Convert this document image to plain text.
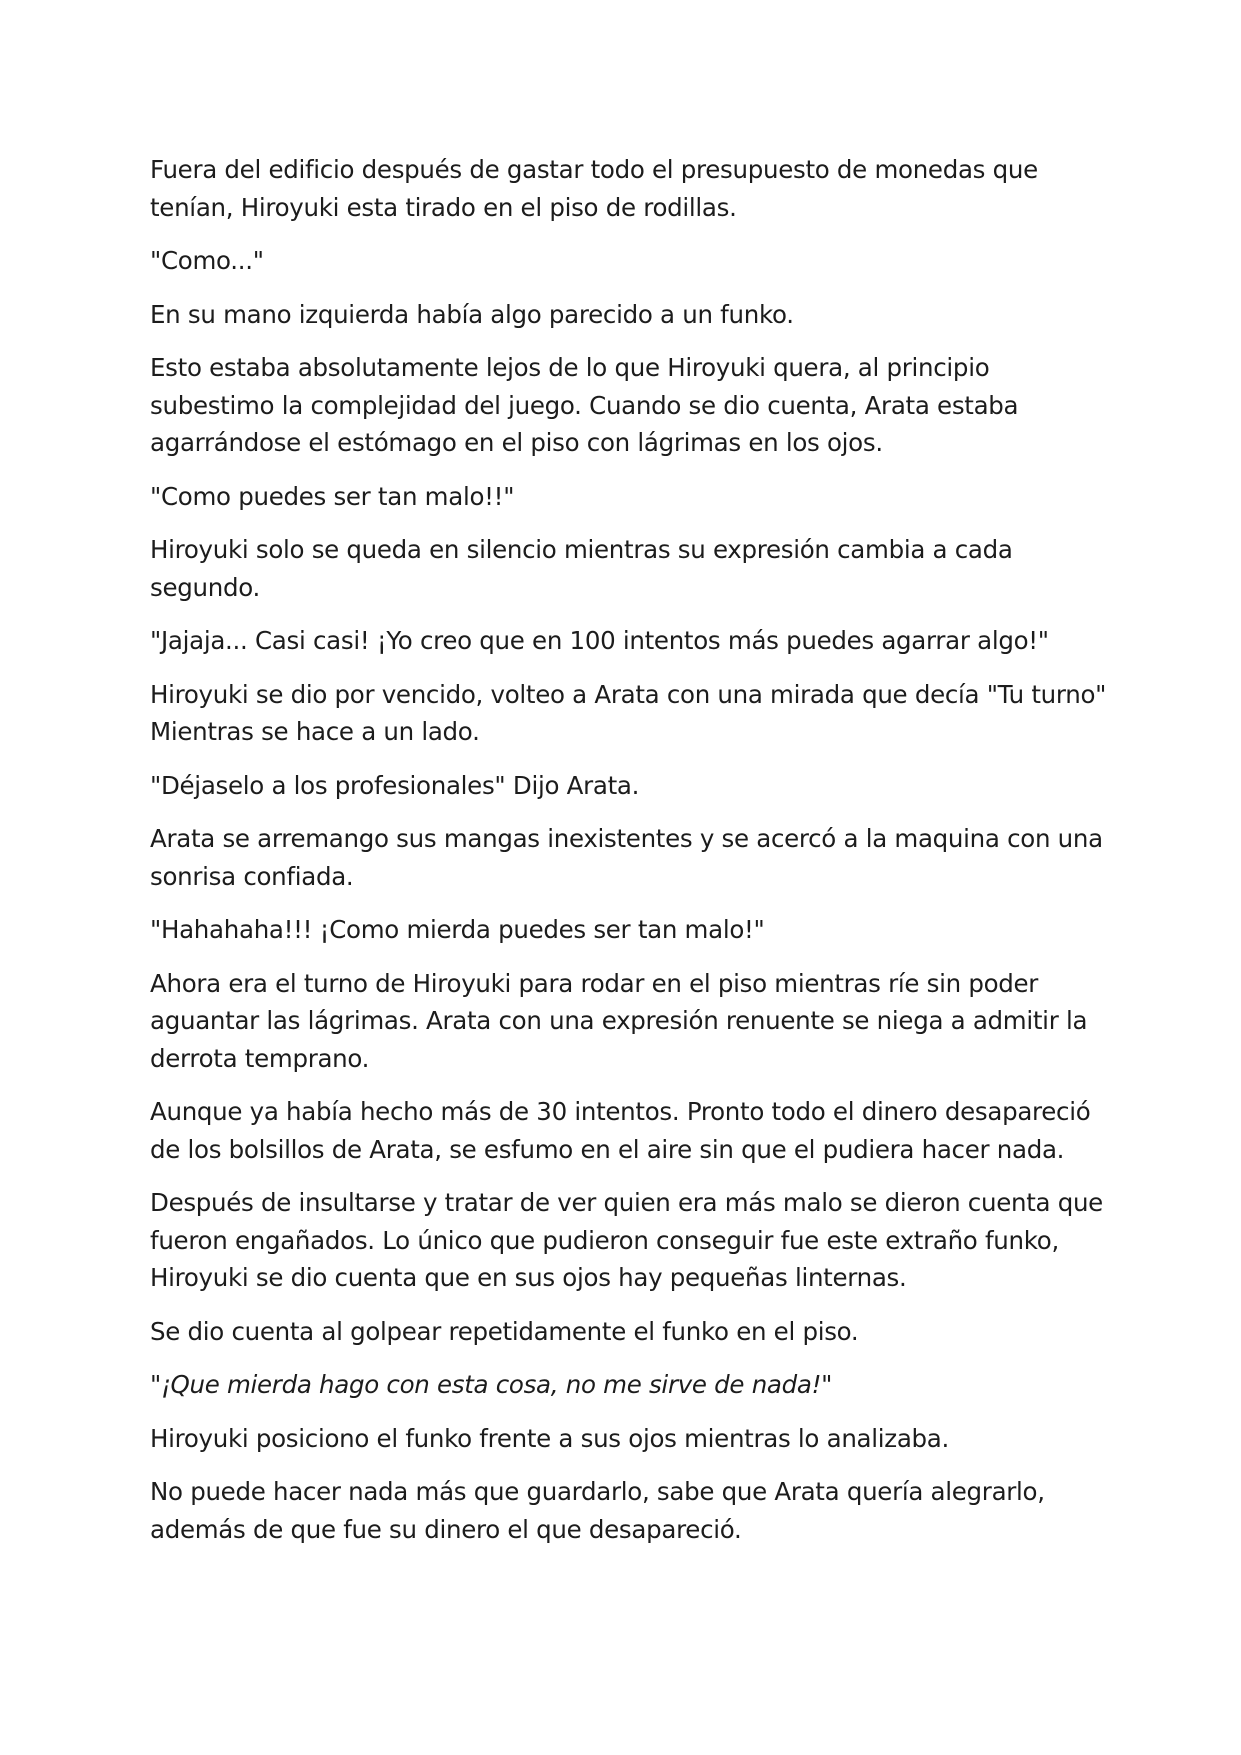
Fuera del edificio después de gastar todo el presupuesto de monedas que tenían, Hiroyuki esta tirado en el piso de rodillas.

"Como..."

En su mano izquierda había algo parecido a un funko.

Esto estaba absolutamente lejos de lo que Hiroyuki quera, al principio subestimo la complejidad del juego. Cuando se dio cuenta, Arata estaba agarrándose el estómago en el piso con lágrimas en los ojos.

"Como puedes ser tan malo!!"

Hiroyuki solo se queda en silencio mientras su expresión cambia a cada segundo.

"Jajaja... Casi casi! ¡Yo creo que en 100 intentos más puedes agarrar algo!"

Hiroyuki se dio por vencido, volteo a Arata con una mirada que decía "Tu turno" Mientras se hace a un lado.

"Déjaselo a los profesionales" Dijo Arata.

Arata se arremango sus mangas inexistentes y se acercó a la maquina con una sonrisa confiada.

"Hahahaha!!! ¡Como mierda puedes ser tan malo!"

Ahora era el turno de Hiroyuki para rodar en el piso mientras ríe sin poder aguantar las lágrimas. Arata con una expresión renuente se niega a admitir la derrota temprano.

Aunque ya había hecho más de 30 intentos. Pronto todo el dinero desapareció de los bolsillos de Arata, se esfumo en el aire sin que el pudiera hacer nada.

Después de insultarse y tratar de ver quien era más malo se dieron cuenta que fueron engañados. Lo único que pudieron conseguir fue este extraño funko, Hiroyuki se dio cuenta que en sus ojos hay pequeñas linternas.

Se dio cuenta al golpear repetidamente el funko en el piso.

"¡Que mierda hago con esta cosa, no me sirve de nada!"

Hiroyuki posiciono el funko frente a sus ojos mientras lo analizaba.

No puede hacer nada más que guardarlo, sabe que Arata quería alegrarlo, además de que fue su dinero el que desapareció.
